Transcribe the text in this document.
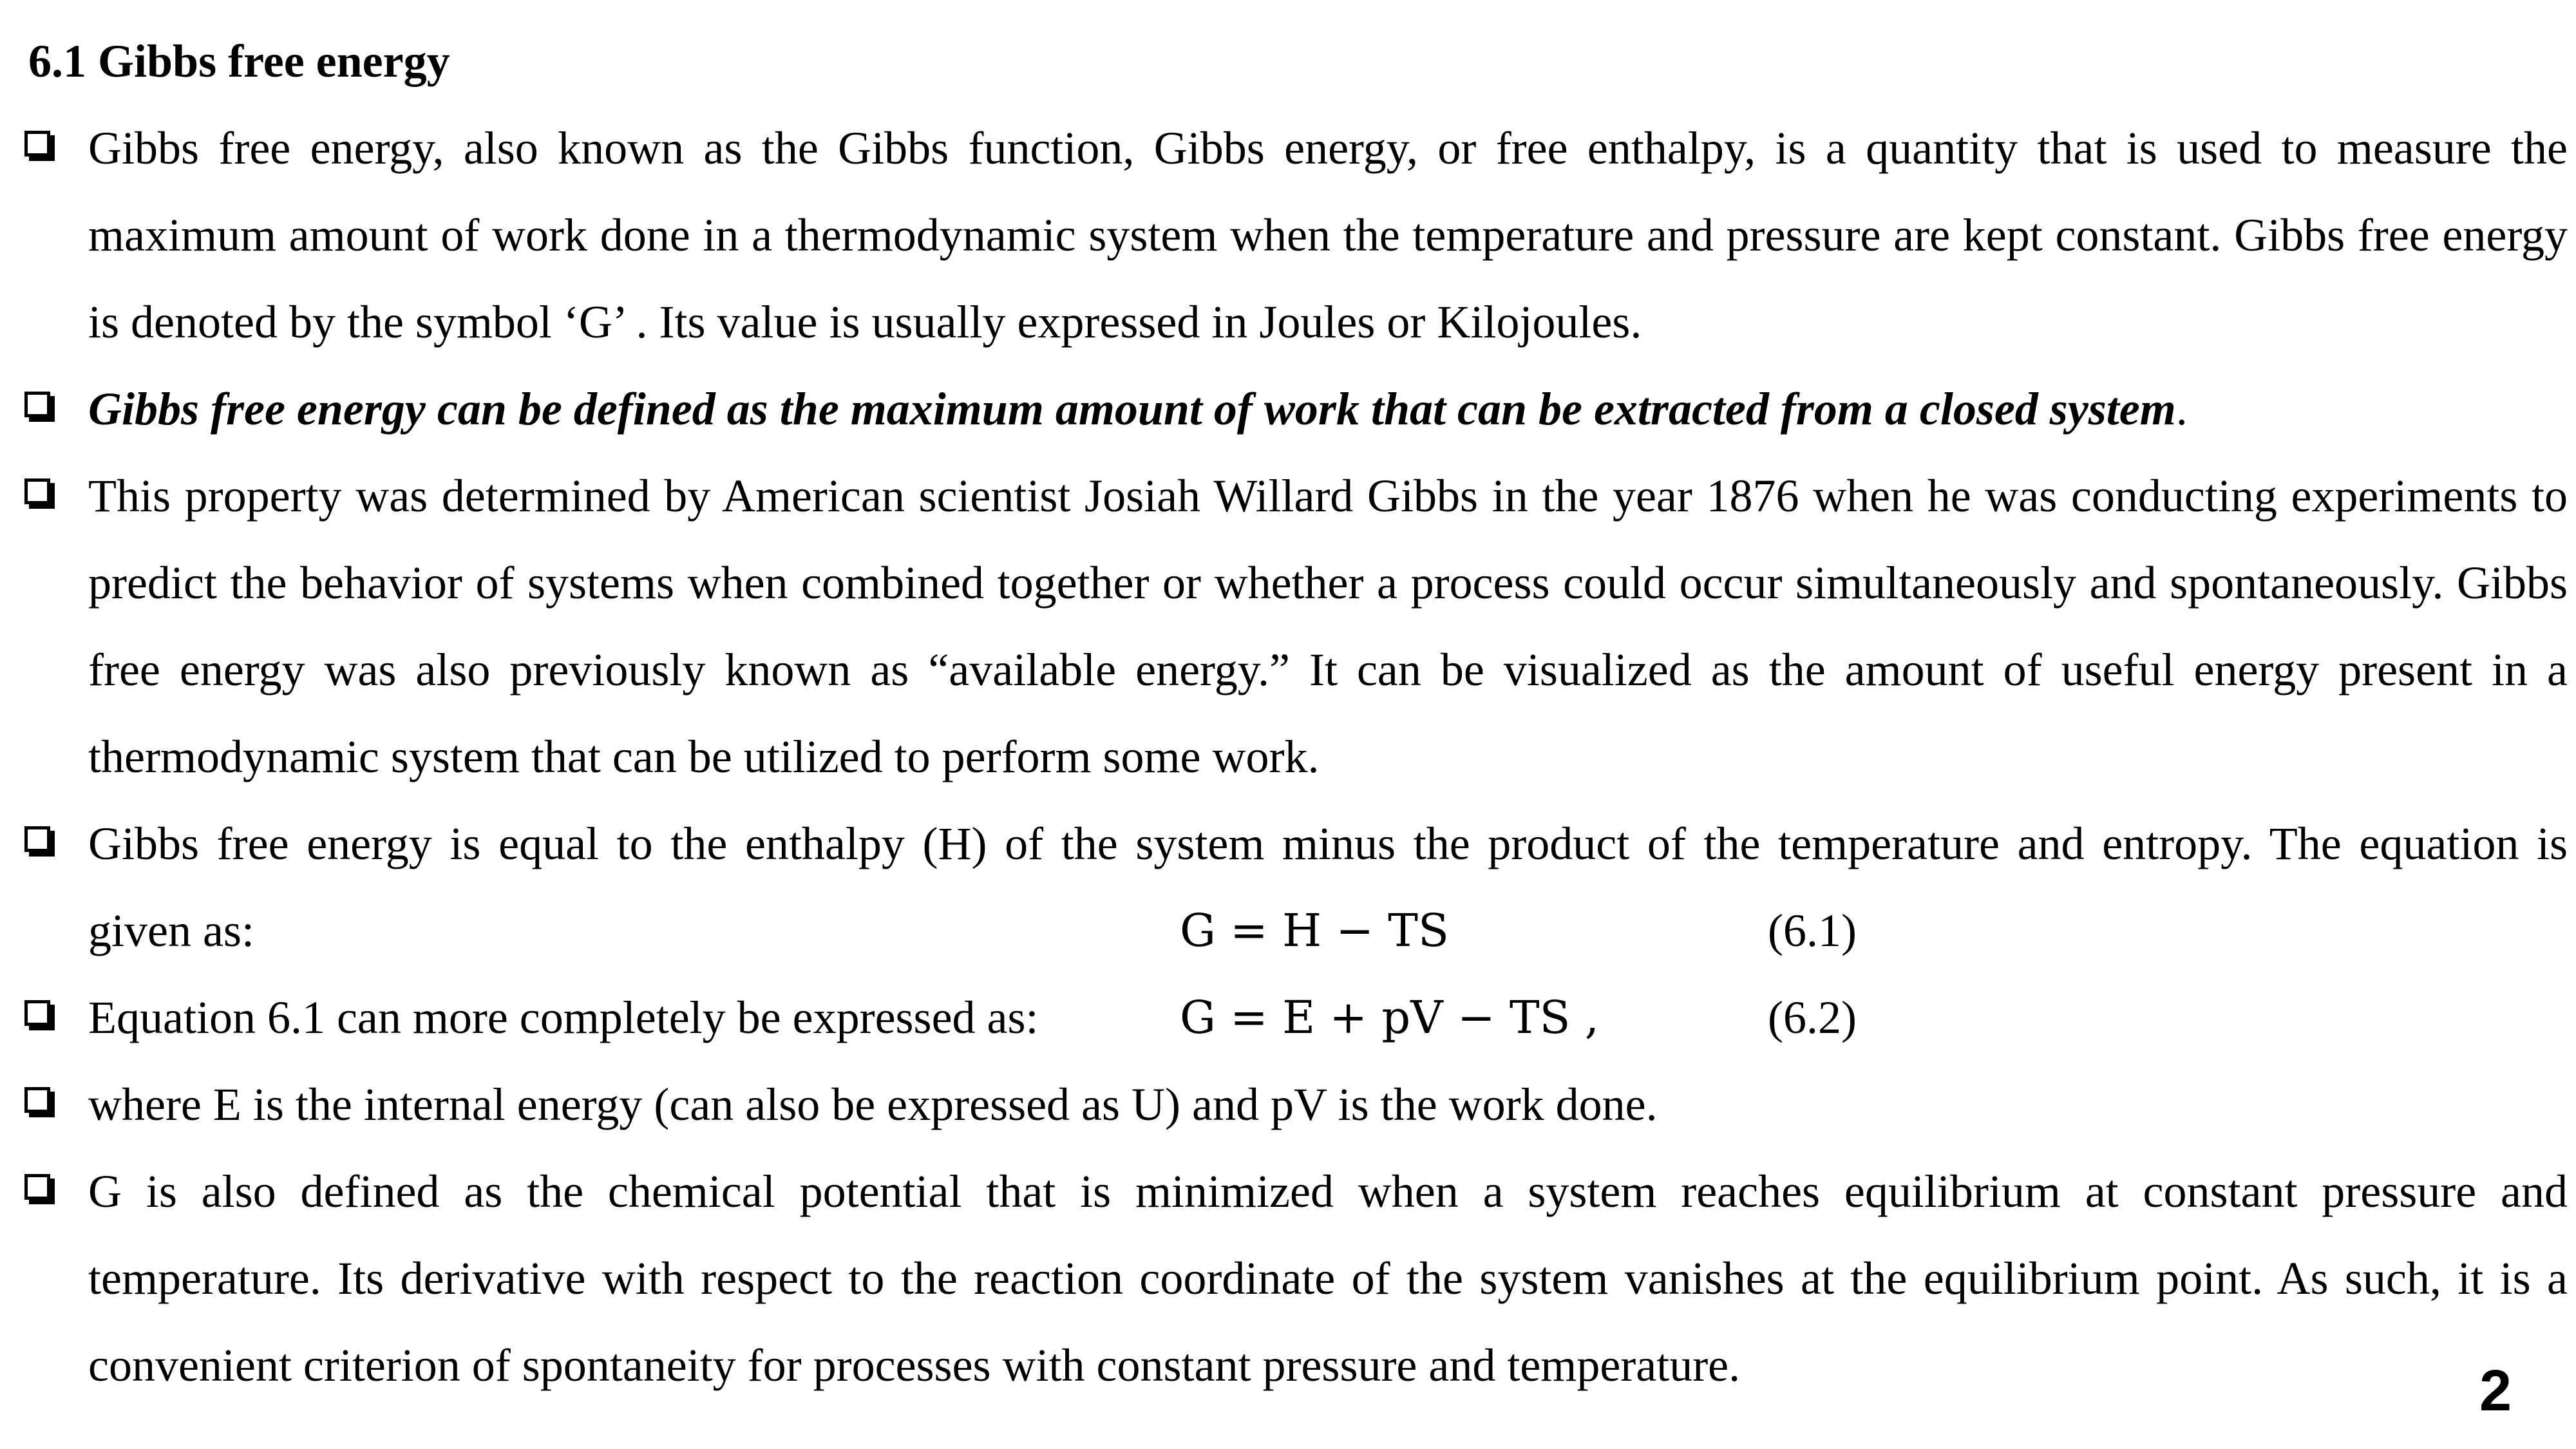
6.1 Gibbs free energy
Gibbs free energy, also known as the Gibbs function, Gibbs energy, or free enthalpy, is a quantity that is used to measure the maximum amount of work done in a thermodynamic system when the temperature and pressure are kept constant. Gibbs free energy is denoted by the symbol ‘G’ . Its value is usually expressed in Joules or Kilojoules.
Gibbs free energy can be defined as the maximum amount of work that can be extracted from a closed system.
This property was determined by American scientist Josiah Willard Gibbs in the year 1876 when he was conducting experiments to predict the behavior of systems when combined together or whether a process could occur simultaneously and spontaneously. Gibbs free energy was also previously known as “available energy.” It can be visualized as the amount of useful energy present in a thermodynamic system that can be utilized to perform some work.
Gibbs free energy is equal to the enthalpy (H) of the system minus the product of the temperature and entropy. The equation is
given as:	G = H − TS	(6.1)
Equation 6.1 can more completely be expressed as:	G = E + pV − TS ,	(6.2)
where E is the internal energy (can also be expressed as U) and pV is the work done.
G is also defined as the chemical potential that is minimized when a system reaches equilibrium at constant pressure and temperature. Its derivative with respect to the reaction coordinate of the system vanishes at the equilibrium point. As such, it is a convenient criterion of spontaneity for processes with constant pressure and temperature.	2
